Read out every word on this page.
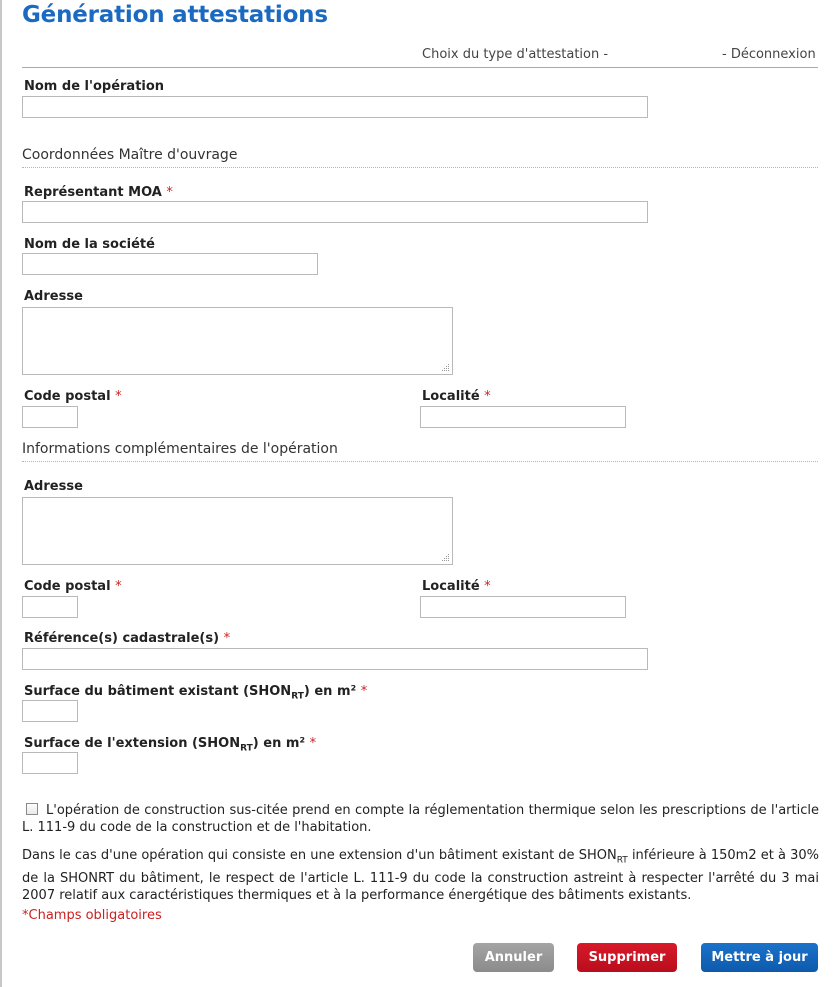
Génération attestations
Choix du type d'attestation -	- Déconnexion
Nom de l'opération
Coordonnées Maître d'ouvrage
Représentant MOA *
Nom de la société
Adresse
Code postal *	Localité *
Informations complémentaires de l'opération
Adresse
Code postal *	Localité *
Référence(s) cadastrale(s) *
Surface du bâtiment existant $(SHON_{RT})$ en m² *
Surface de l'extension $(SHON_{RT})$ en m² *
L'opération de construction sus-citée prend en compte la réglementation thermique selon les prescriptions de l'article L. 111-9 du code de la construction et de l'habitation.
Dans le cas d'une opération qui consiste en une extension d'un bâtiment existant de $SHON_{RT}$ inférieure à 150m2 et à 30% de la SHONRT du bâtiment, le respect de l'article L. 111-9 du code la construction astreint à respecter l'arrêté du 3 mai 2007 relatif aux caractéristiques thermiques et à la performance énergétique des bâtiments existants.
*Champs obligatoires
Annuler	Supprimer	Mettre à jour
